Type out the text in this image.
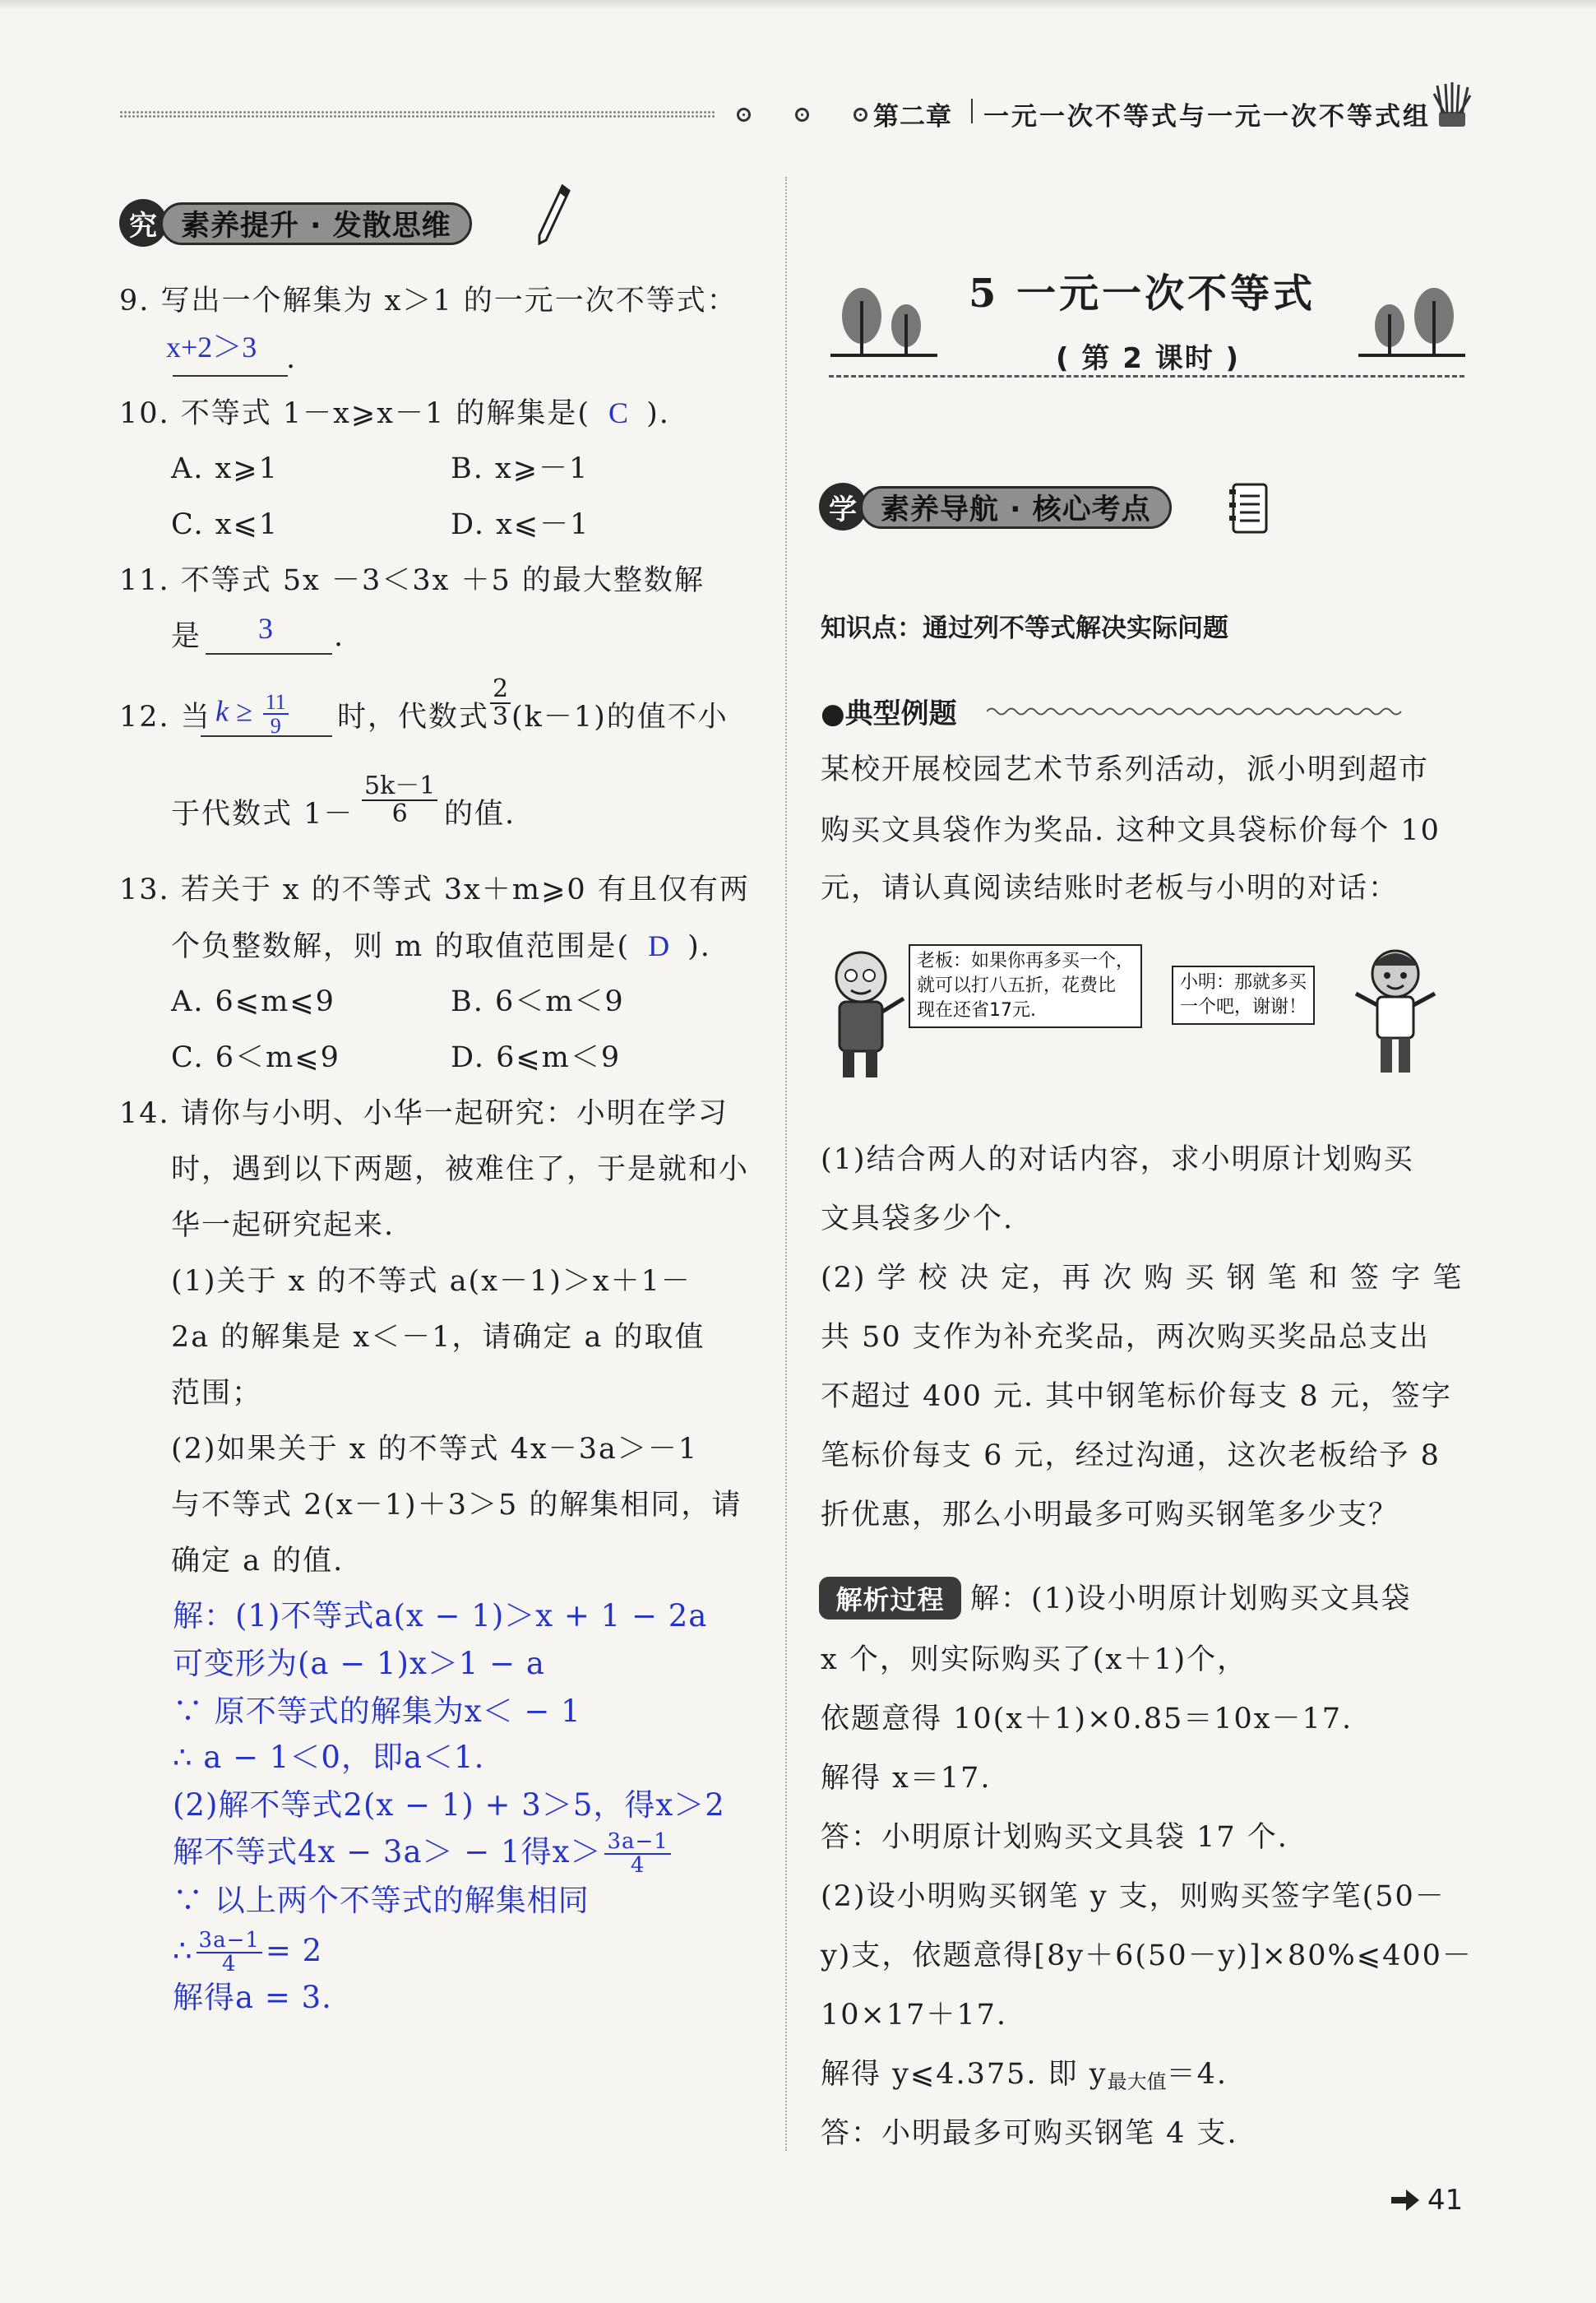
第二章 一元一次不等式与一元一次不等式组
究 素养提升 · 发散思维
9. 写出一个解集为 x＞1 的一元一次不等式：
x+2＞3 .
10. 不等式 1－x⩾x－1 的解集是( C ).
A. x⩾1	B. x⩾－1
C. x⩽1	D. x⩽－1
11. 不等式 5x －3＜3x ＋5 的最大整数解
是 3 .
12. 当 $k \ge \frac{11}{9}$ 时，代数式 $\frac{2}{3} (k-1)$的值不小
于代数式 $1- \frac{5k-1}{6}$ 的值.
13. 若关于 x 的不等式 3x＋m⩾0 有且仅有两
个负整数解，则 m 的取值范围是( D ).
A. 6⩽m⩽9	B. 6＜m＜9
C. 6＜m⩽9	D. 6⩽m＜9
14. 请你与小明、小华一起研究：小明在学习
时，遇到以下两题，被难住了，于是就和小
华一起研究起来.
(1)关于 x 的不等式 a(x－1)＞x＋1－
2a 的解集是 x＜－1，请确定 a 的取值
范围；
(2)如果关于 x 的不等式 4x－3a＞－1
与不等式 2(x－1)＋3＞5 的解集相同，请
确定 a 的值.
解：(1)不等式a(x − 1)＞x + 1 − 2a
可变形为(a − 1)x＞1 − a
∵ 原不等式的解集为x＜ − 1
∴ a − 1＜0，即a＜1.
(2)解不等式2(x − 1) + 3＞5，得x＞2
解不等式4x − 3a＞ − 1得$x> \frac{3a-1}{4}$
∵ 以上两个不等式的解集相同
∴ $\frac{3a-1}{4} = 2$
解得a = 3.
5 一元一次不等式
( 第 2 课时 )
学 素养导航 · 核心考点
知识点：通过列不等式解决实际问题
●典型例题
某校开展校园艺术节系列活动，派小明到超市
购买文具袋作为奖品. 这种文具袋标价每个 10
元，请认真阅读结账时老板与小明的对话：
老板：如果你再多买一个，
就可以打八五折，花费比
现在还省17元.
小明：那就多买
一个吧，谢谢！
(1)结合两人的对话内容，求小明原计划购买
文具袋多少个.
(2) 学 校 决 定，再 次 购 买 钢 笔 和 签 字 笔
共 50 支作为补充奖品，两次购买奖品总支出
不超过 400 元. 其中钢笔标价每支 8 元，签字
笔标价每支 6 元，经过沟通，这次老板给予 8
折优惠，那么小明最多可购买钢笔多少支？
解析过程 解：(1)设小明原计划购买文具袋
x 个，则实际购买了(x＋1)个，
依题意得 10(x＋1)×0.85＝10x－17.
解得 x＝17.
答：小明原计划购买文具袋 17 个.
(2)设小明购买钢笔 y 支，则购买签字笔(50－
y)支，依题意得[8y＋6(50－y)]×80%⩽400－
10×17＋17.
解得 y⩽4.375. 即 y最大值＝4.
答：小明最多可购买钢笔 4 支.
41
